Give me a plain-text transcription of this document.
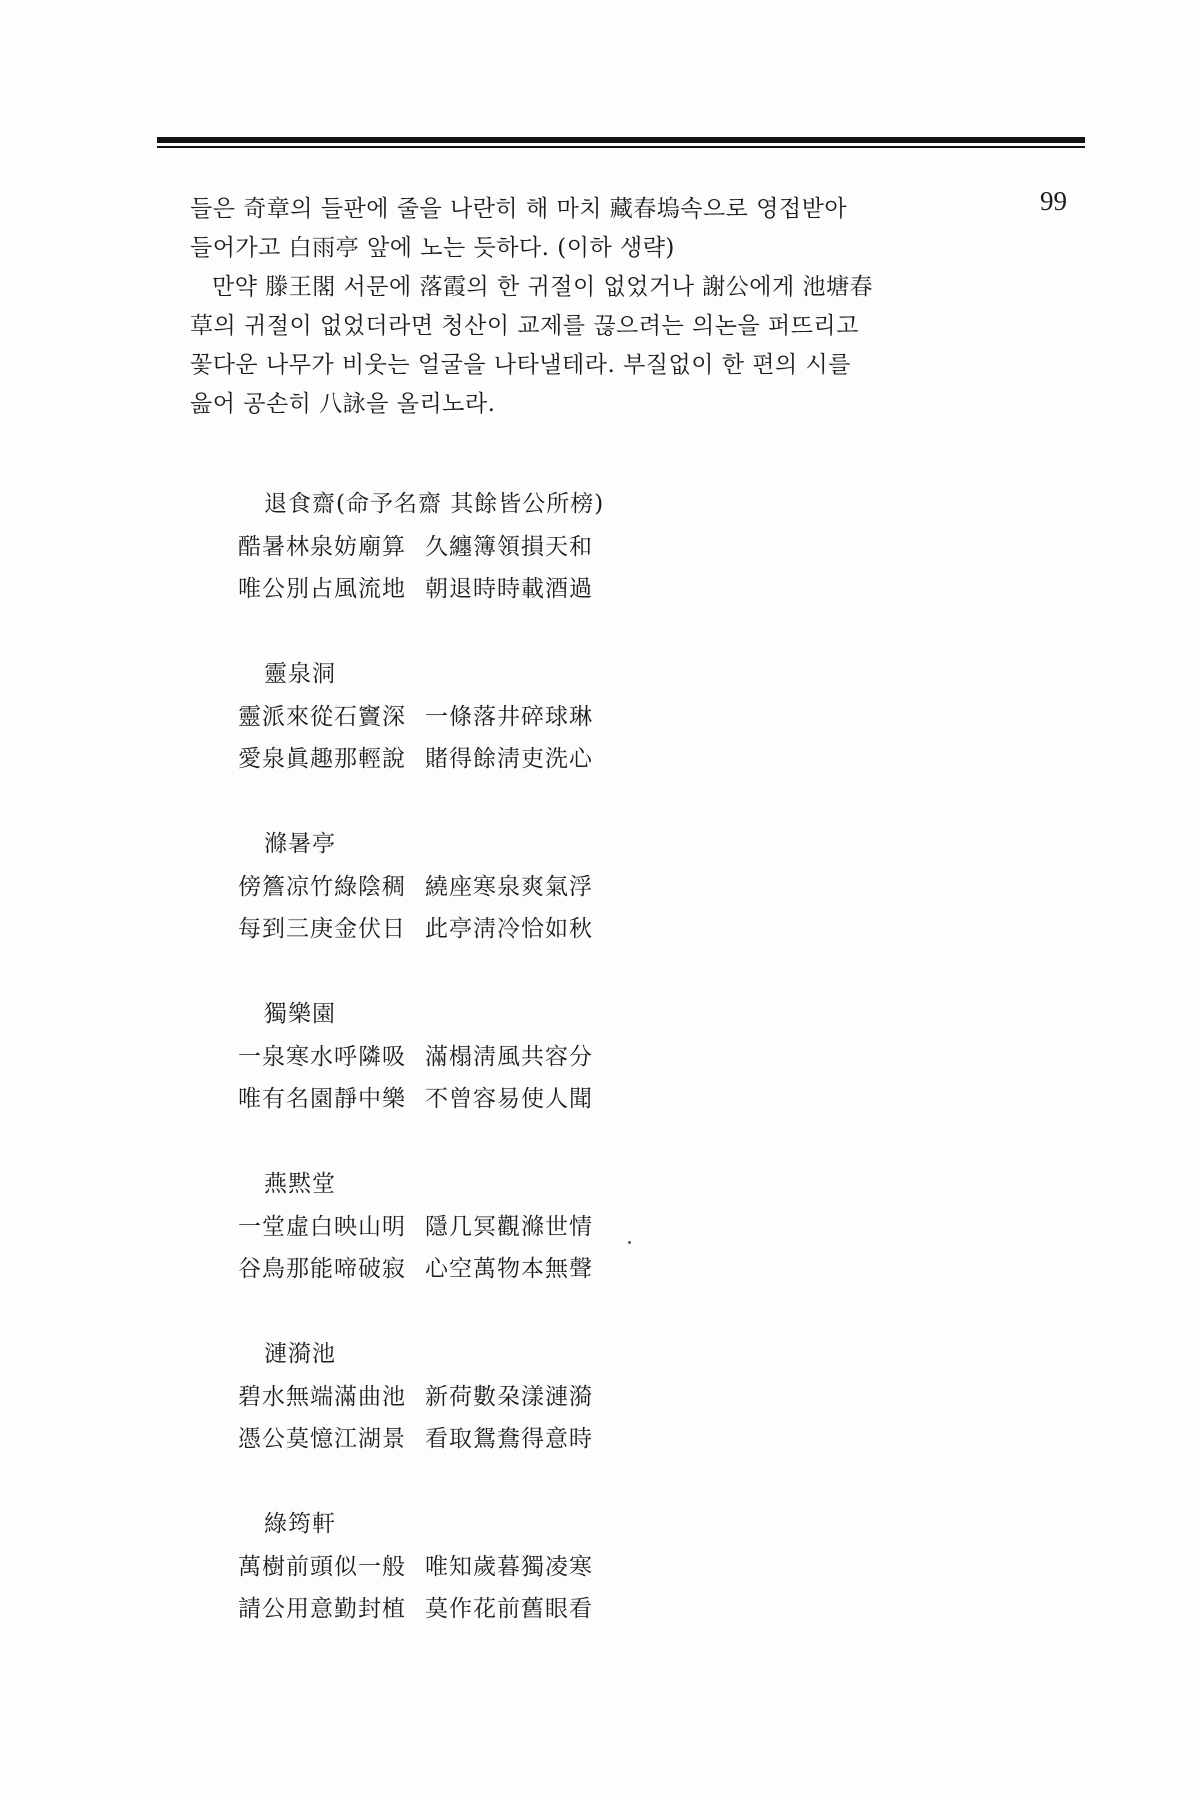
99

들은 奇章의 들판에 줄을 나란히 해 마치 藏春塢속으로 영접받아
들어가고 白雨亭 앞에 노는 듯하다. (이하 생략)

만약 滕王閣 서문에 落霞의 한 귀절이 없었거나 謝公에게 池塘春
草의 귀절이 없었더라면 청산이 교제를 끊으려는 의논을 퍼뜨리고
꽃다운 나무가 비웃는 얼굴을 나타낼테라. 부질없이 한 편의 시를
읊어 공손히 八詠을 올리노라.

退食齋(命予名齋 其餘皆公所榜)
酷暑林泉妨廟算 久纏簿領損天和
唯公別占風流地 朝退時時載酒過
靈泉洞
靈派來從石竇深 一條落井碎球琳
愛泉眞趣那輕說 賭得餘淸吏洗心
滌暑亭
傍簷凉竹綠陰稠 繞座寒泉爽氣浮
每到三庚金伏日 此亭淸冷恰如秋
獨樂園
一泉寒水呼隣吸 滿榻淸風共容分
唯有名園靜中樂 不曾容易使人聞
燕黙堂
一堂虛白映山明 隱几冥觀滌世情
谷鳥那能啼破寂 心空萬物本無聲
漣漪池
碧水無端滿曲池 新荷數朶漾漣漪
憑公莫憶江湖景 看取鴛鴦得意時
綠筠軒
萬樹前頭似一般 唯知歲暮獨凌寒
請公用意勤封植 莫作花前舊眼看
